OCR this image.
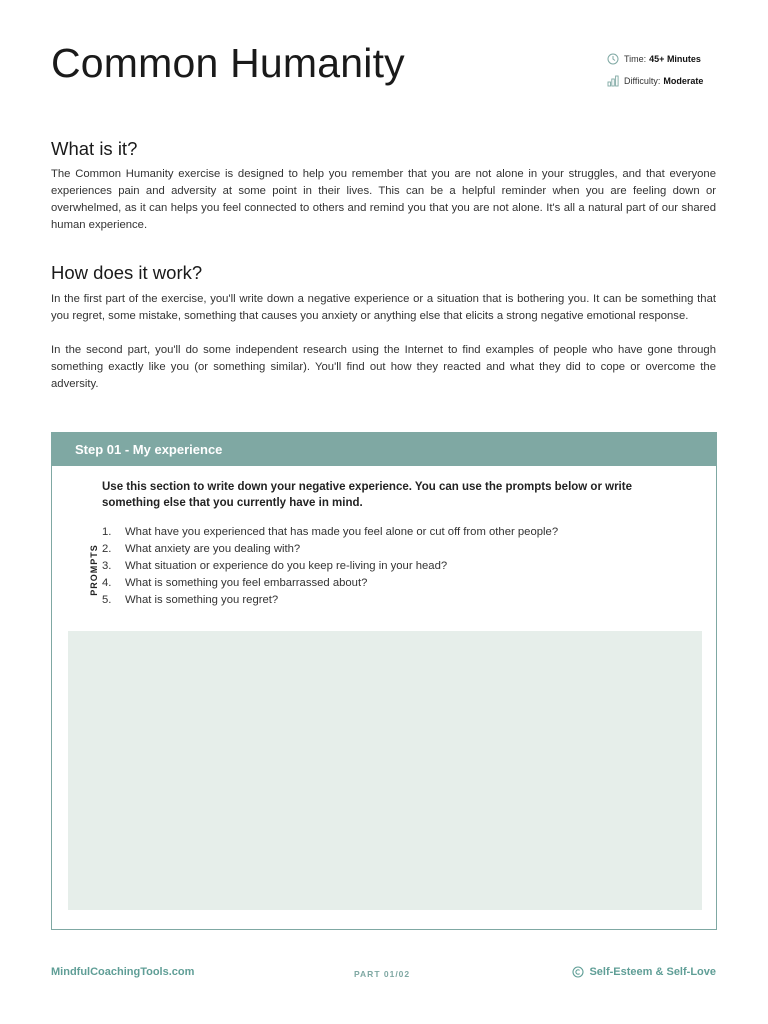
Common Humanity	Time: 45+ Minutes
Difficulty: Moderate
What is it?

The Common Humanity exercise is designed to help you remember that you are not alone in your struggles, and that everyone experiences pain and adversity at some point in their lives. This can be a helpful reminder when you are feeling down or overwhelmed, as it can helps you feel connected to others and remind you that you are not alone. It's all a natural part of our shared human experience.

How does it work?

In the first part of the exercise, you'll write down a negative experience or a situation that is bothering you. It can be something that you regret, some mistake, something that causes you anxiety or anything else that elicits a strong negative emotional response.

In the second part, you'll do some independent research using the Internet to find examples of people who have gone through something exactly like you (or something similar). You'll find out how they reacted and what they did to cope or overcome the adversity.

Step 01 - My experience
PROMPTS

Use this section to write down your negative experience. You can use the prompts below or write something else that you currently have in mind.

1.	What have you experienced that has made you feel alone or cut off from other people?
2.	What anxiety are you dealing with?
3.	What situation or experience do you keep re-living in your head?
4.	What is something you feel embarrassed about?
5.	What is something you regret?
MindfulCoachingTools.com	PART 01/02	Self-Esteem & Self-Love
